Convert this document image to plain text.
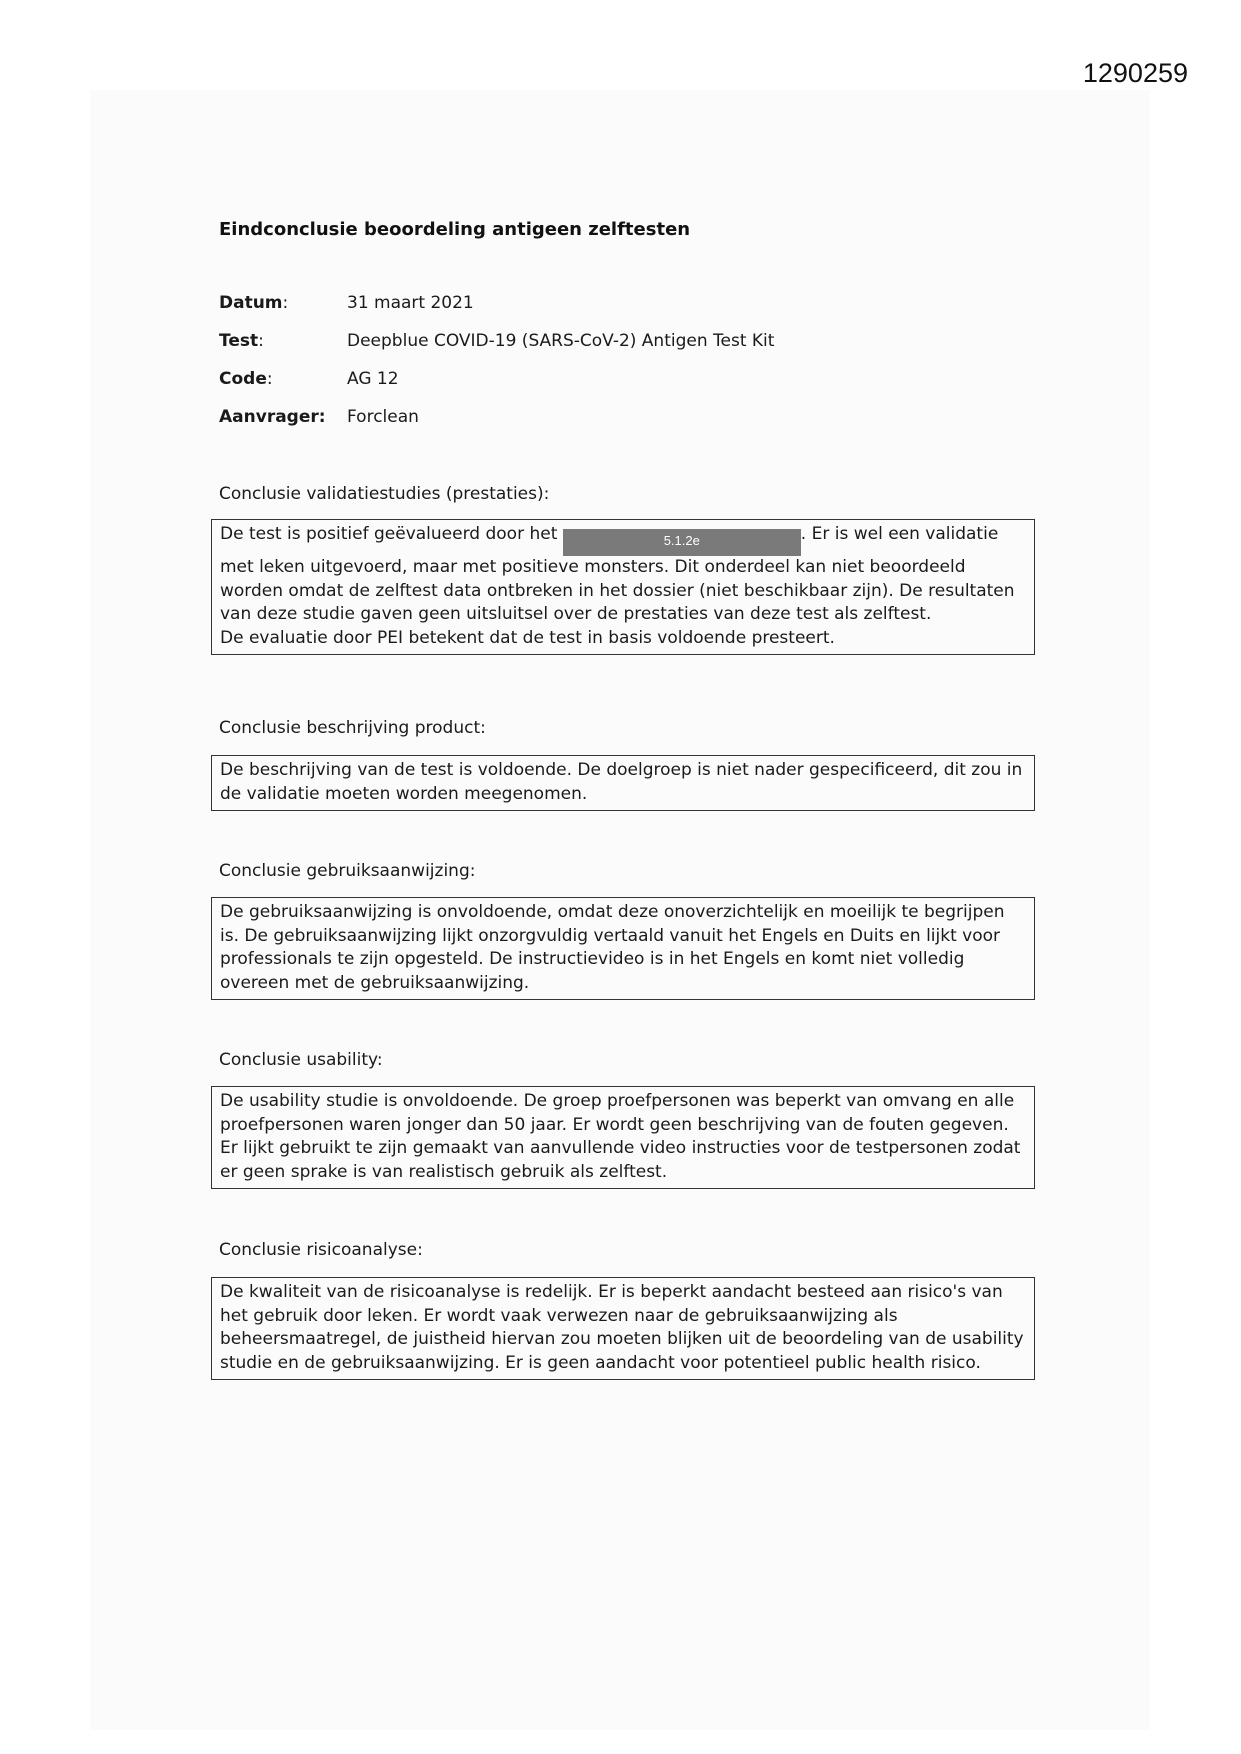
1290259
Eindconclusie beoordeling antigeen zelftesten
Datum:	31 maart 2021
Test:	Deepblue COVID-19 (SARS-CoV-2) Antigen Test Kit
Code:	AG 12
Aanvrager:	Forclean
Conclusie validatiestudies (prestaties):
De test is positief geëvalueerd door het	5.1.2e	. Er is wel een validatie met leken uitgevoerd, maar met positieve monsters. Dit onderdeel kan niet beoordeeld worden omdat de zelftest data ontbreken in het dossier (niet beschikbaar zijn). De resultaten van deze studie gaven geen uitsluitsel over de prestaties van deze test als zelftest.
De evaluatie door PEI betekent dat de test in basis voldoende presteert.
Conclusie beschrijving product:
De beschrijving van de test is voldoende. De doelgroep is niet nader gespecificeerd, dit zou in de validatie moeten worden meegenomen.
Conclusie gebruiksaanwijzing:
De gebruiksaanwijzing is onvoldoende, omdat deze onoverzichtelijk en moeilijk te begrijpen is. De gebruiksaanwijzing lijkt onzorgvuldig vertaald vanuit het Engels en Duits en lijkt voor professionals te zijn opgesteld. De instructievideo is in het Engels en komt niet volledig overeen met de gebruiksaanwijzing.
Conclusie usability:
De usability studie is onvoldoende. De groep proefpersonen was beperkt van omvang en alle proefpersonen waren jonger dan 50 jaar. Er wordt geen beschrijving van de fouten gegeven. Er lijkt gebruikt te zijn gemaakt van aanvullende video instructies voor de testpersonen zodat er geen sprake is van realistisch gebruik als zelftest.
Conclusie risicoanalyse:
De kwaliteit van de risicoanalyse is redelijk. Er is beperkt aandacht besteed aan risico's van het gebruik door leken. Er wordt vaak verwezen naar de gebruiksaanwijzing als beheersmaatregel, de juistheid hiervan zou moeten blijken uit de beoordeling van de usability studie en de gebruiksaanwijzing. Er is geen aandacht voor potentieel public health risico.
